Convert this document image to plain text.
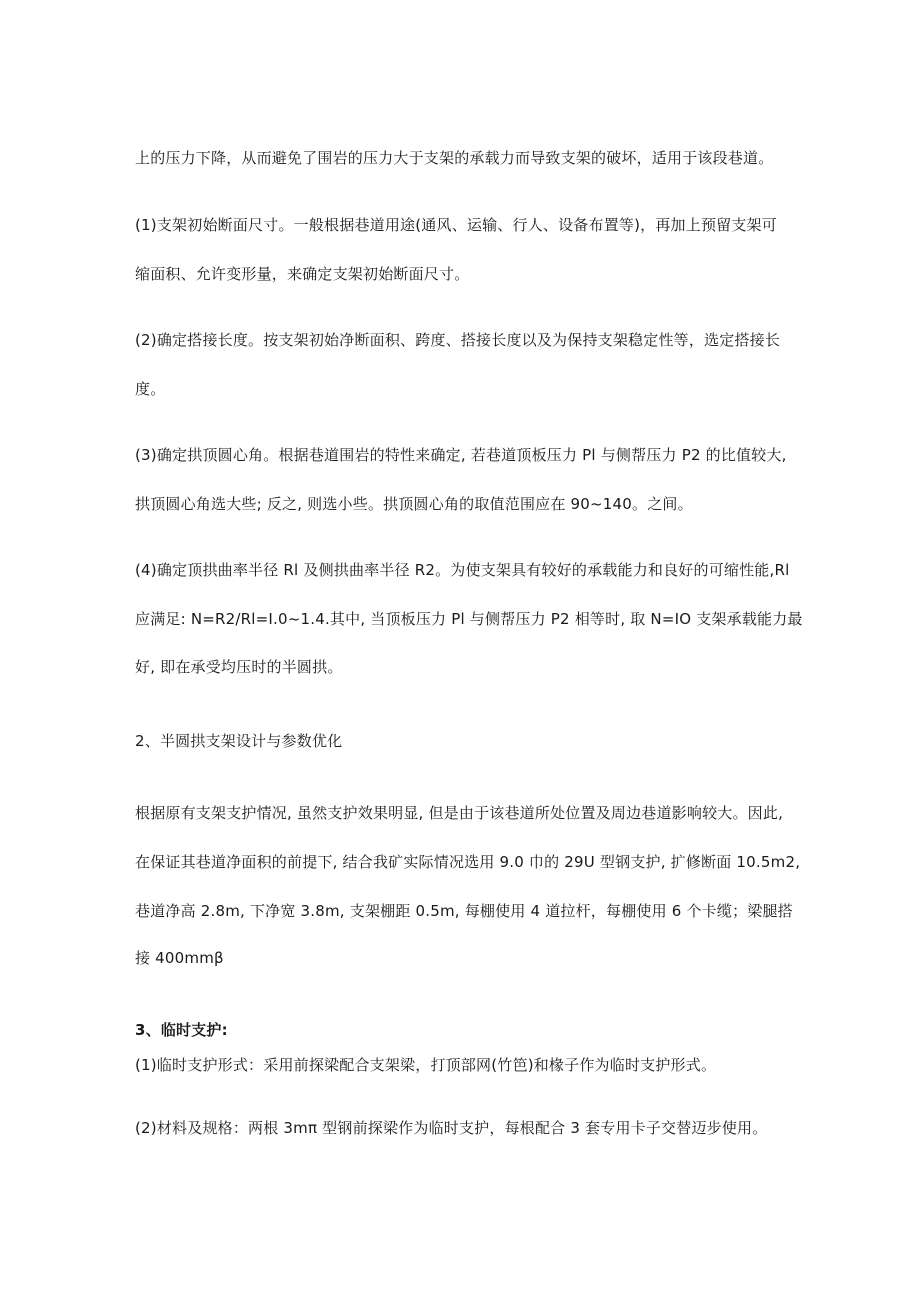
上的压力下降，从而避免了围岩的压力大于支架的承载力而导致支架的破坏，适用于该段巷道。
(1)支架初始断面尺寸。一般根据巷道用途(通风、运输、行人、设备布置等)，再加上预留支架可
缩面积、允许变形量，来确定支架初始断面尺寸。
(2)确定搭接长度。按支架初始净断面积、跨度、搭接长度以及为保持支架稳定性等，选定搭接长
度。
(3)确定拱顶圆心角。根据巷道围岩的特性来确定, 若巷道顶板压力 Pl 与侧帮压力 P2 的比值较大,
拱顶圆心角选大些; 反之, 则选小些。拱顶圆心角的取值范围应在 90~140。之间。
(4)确定顶拱曲率半径 Rl 及侧拱曲率半径 R2。为使支架具有较好的承载能力和良好的可缩性能,Rl
应满足: N=R2/Rl=I.0~1.4.其中, 当顶板压力 Pl 与侧帮压力 P2 相等时, 取 N=IO 支架承载能力最
好, 即在承受均压时的半圆拱。
2、半圆拱支架设计与参数优化
根据原有支架支护情况, 虽然支护效果明显, 但是由于该巷道所处位置及周边巷道影响较大。因此,
在保证其巷道净面积的前提下, 结合我矿实际情况选用 9.0 巾的 29U 型钢支护, 扩修断面 10.5m2,
巷道净高 2.8m, 下净宽 3.8m, 支架棚距 0.5m, 每棚使用 4 道拉杆，每棚使用 6 个卡缆；梁腿搭
接 400mmβ
3、临时支护:
(1)临时支护形式：采用前探梁配合支架梁，打顶部网(竹笆)和椽子作为临时支护形式。
(2)材料及规格：两根 3mπ 型钢前探梁作为临时支护，每根配合 3 套专用卡子交替迈步使用。
